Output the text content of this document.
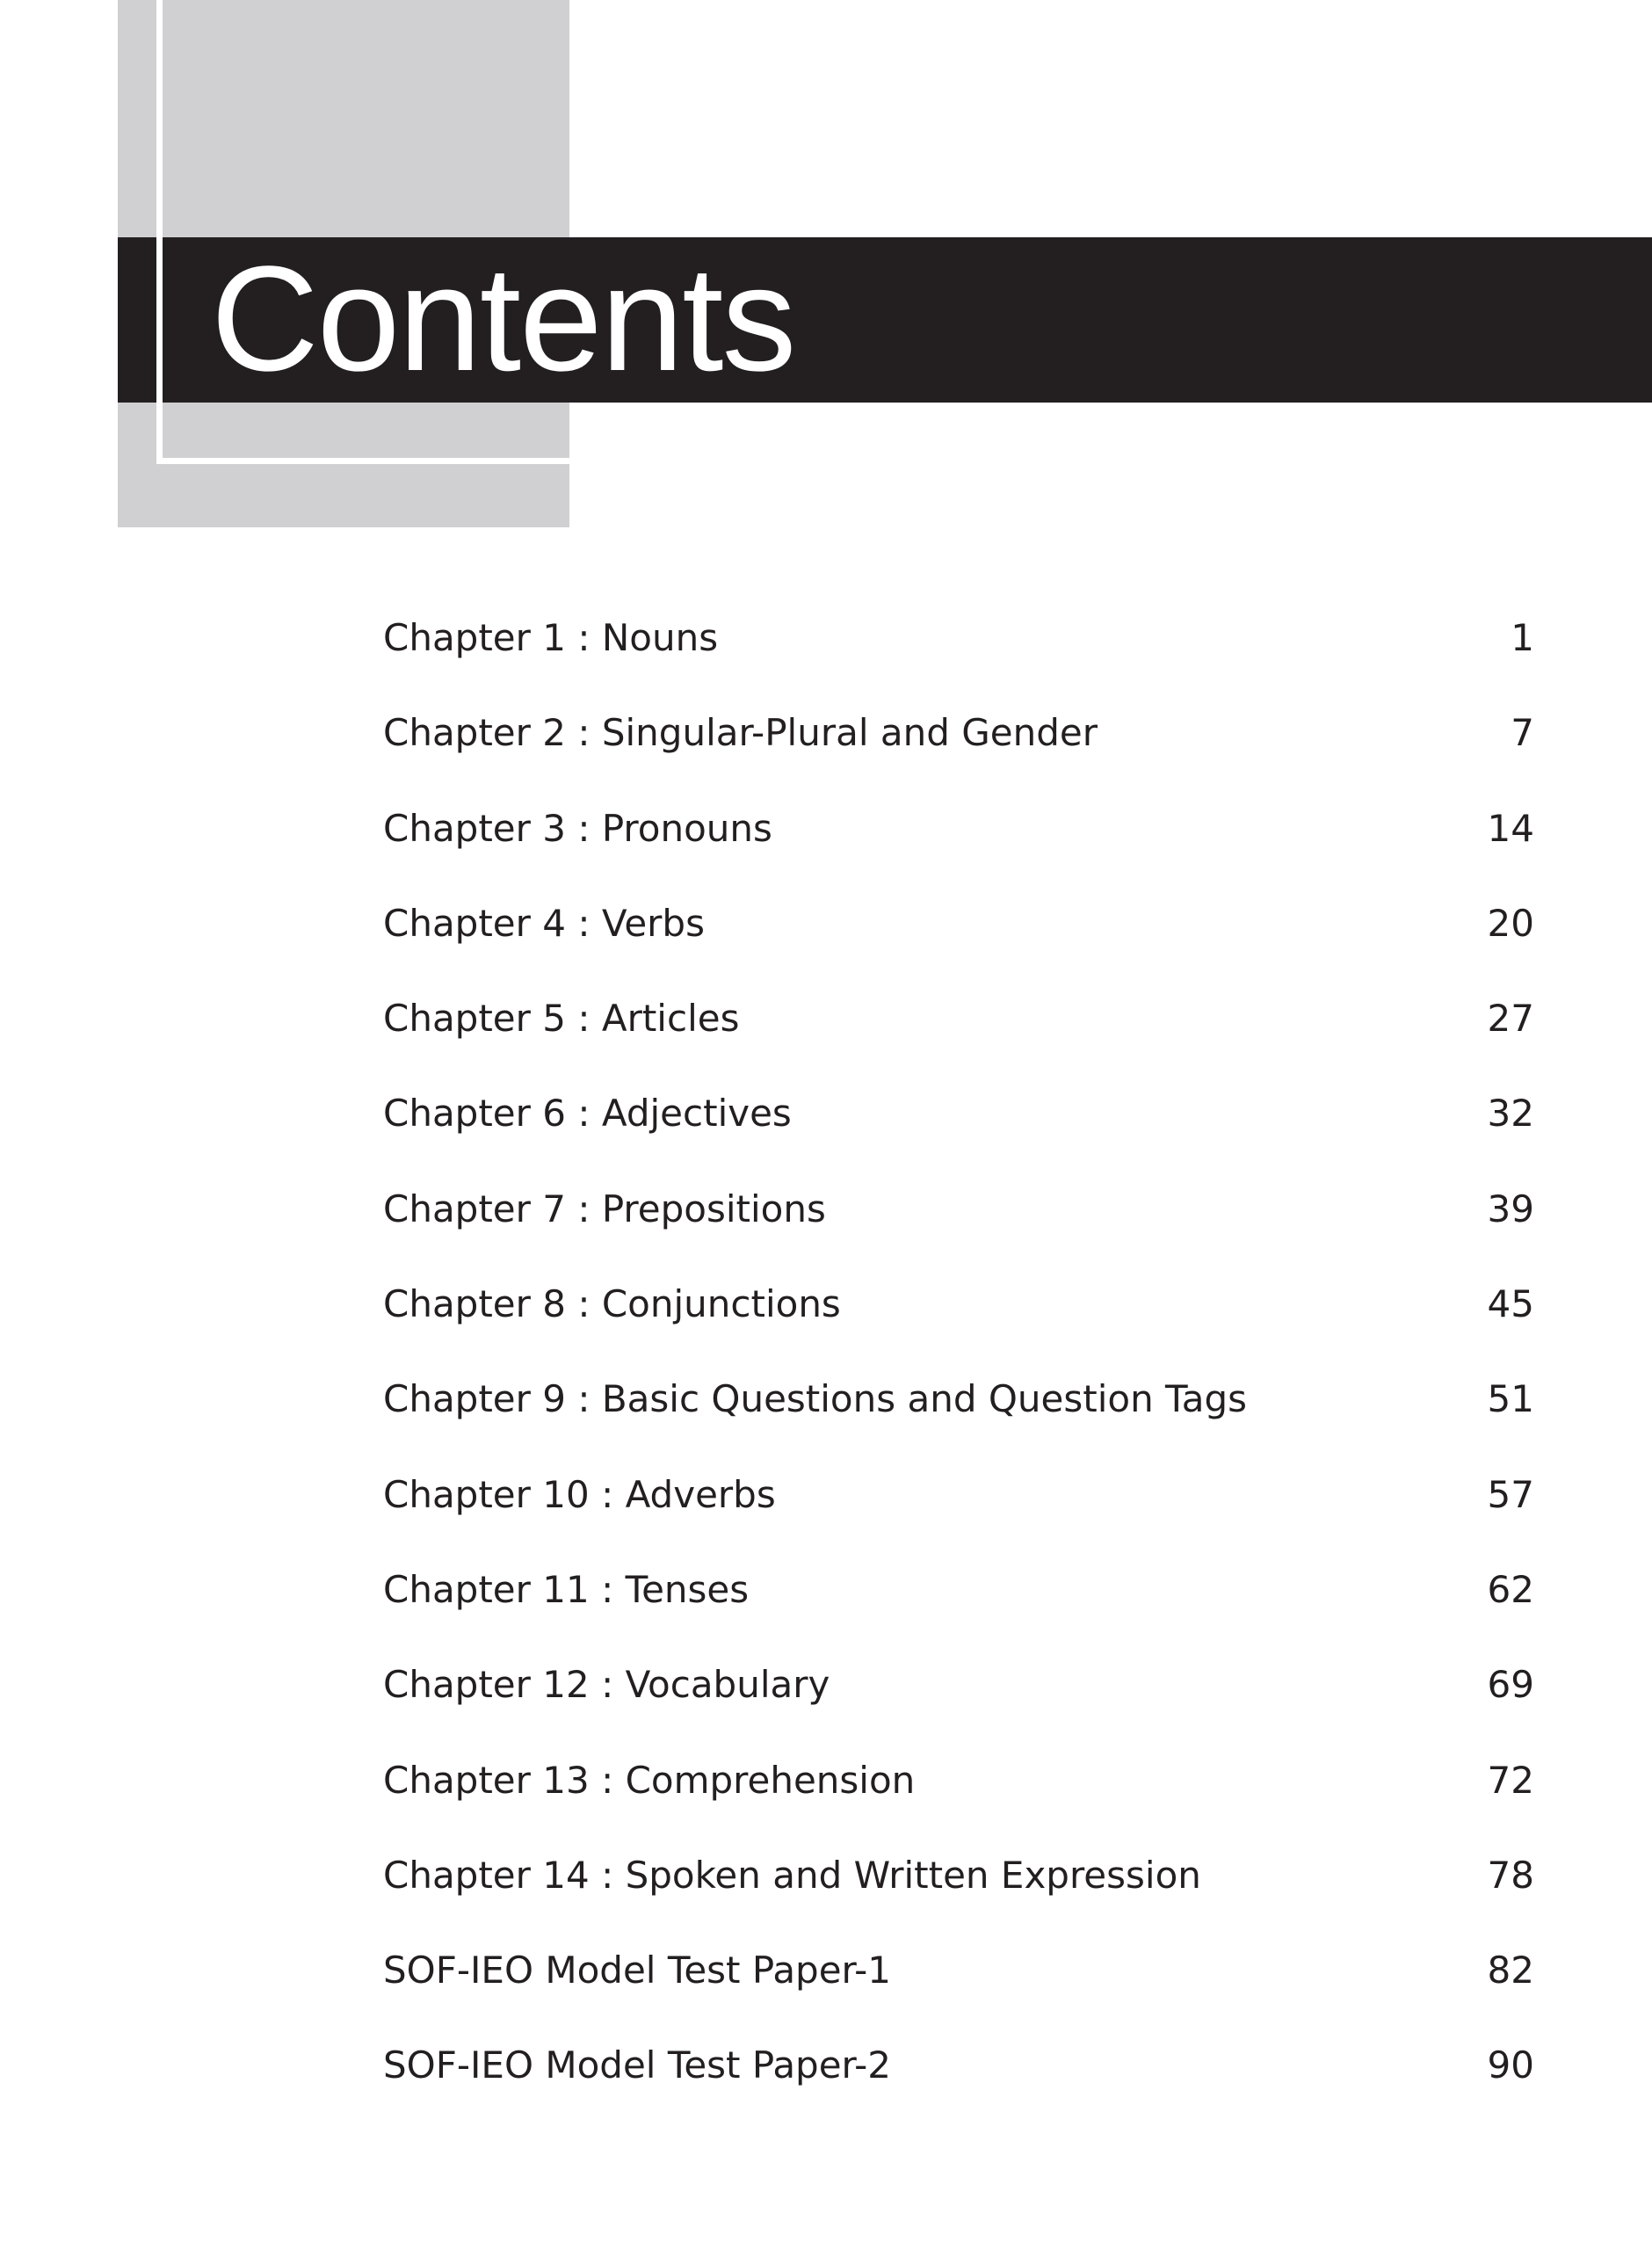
Contents
Chapter 1 : Nouns	1
Chapter 2 : Singular-Plural and Gender	7
Chapter 3 : Pronouns	14
Chapter 4 : Verbs	20
Chapter 5 : Articles	27
Chapter 6 : Adjectives	32
Chapter 7 : Prepositions	39
Chapter 8 : Conjunctions	45
Chapter 9 : Basic Questions and Question Tags	51
Chapter 10 : Adverbs	57
Chapter 11 : Tenses	62
Chapter 12 : Vocabulary	69
Chapter 13 : Comprehension	72
Chapter 14 : Spoken and Written Expression	78
SOF-IEO Model Test Paper-1	82
SOF-IEO Model Test Paper-2	90
